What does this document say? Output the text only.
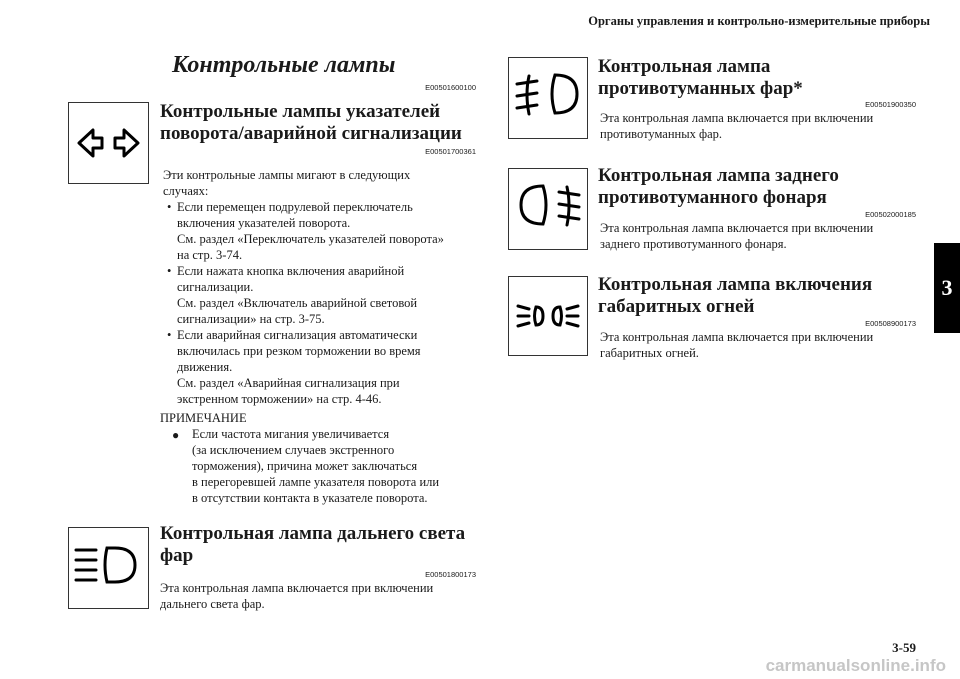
Органы управления и контрольно-измерительные приборы
3
Контрольные лампы
E00501600100
Контрольные лампы указателей
поворота/аварийной сигнализации
E00501700361
Эти контрольные лампы мигают в следующих
случаях:
• Если перемещен подрулевой переключатель
включения указателей поворота.
См. раздел «Переключатель указателей поворота»
на стр. 3-74.
• Если нажата кнопка включения аварийной
сигнализации.
См. раздел «Включатель аварийной световой
сигнализации» на стр. 3-75.
• Если аварийная сигнализация автоматически
включилась при резком торможении во время
движения.
См. раздел «Аварийная сигнализация при
экстренном торможении» на стр. 4-46.
ПРИМЕЧАНИЕ
● Если частота мигания увеличивается
(за исключением случаев экстренного
торможения), причина может заключаться
в перегоревшей лампе указателя поворота или
в отсутствии контакта в указателе поворота.
Контрольная лампа дальнего света
фар
E00501800173
Эта контрольная лампа включается при включении
дальнего света фар.
Контрольная лампа
противотуманных фар*
E00501900350
Эта контрольная лампа включается при включении
противотуманных фар.
Контрольная лампа заднего
противотуманного фонаря
E00502000185
Эта контрольная лампа включается при включении
заднего противотуманного фонаря.
Контрольная лампа включения
габаритных огней
E00508900173
Эта контрольная лампа включается при включении
габаритных огней.
3-59
carmanualsonline.info
